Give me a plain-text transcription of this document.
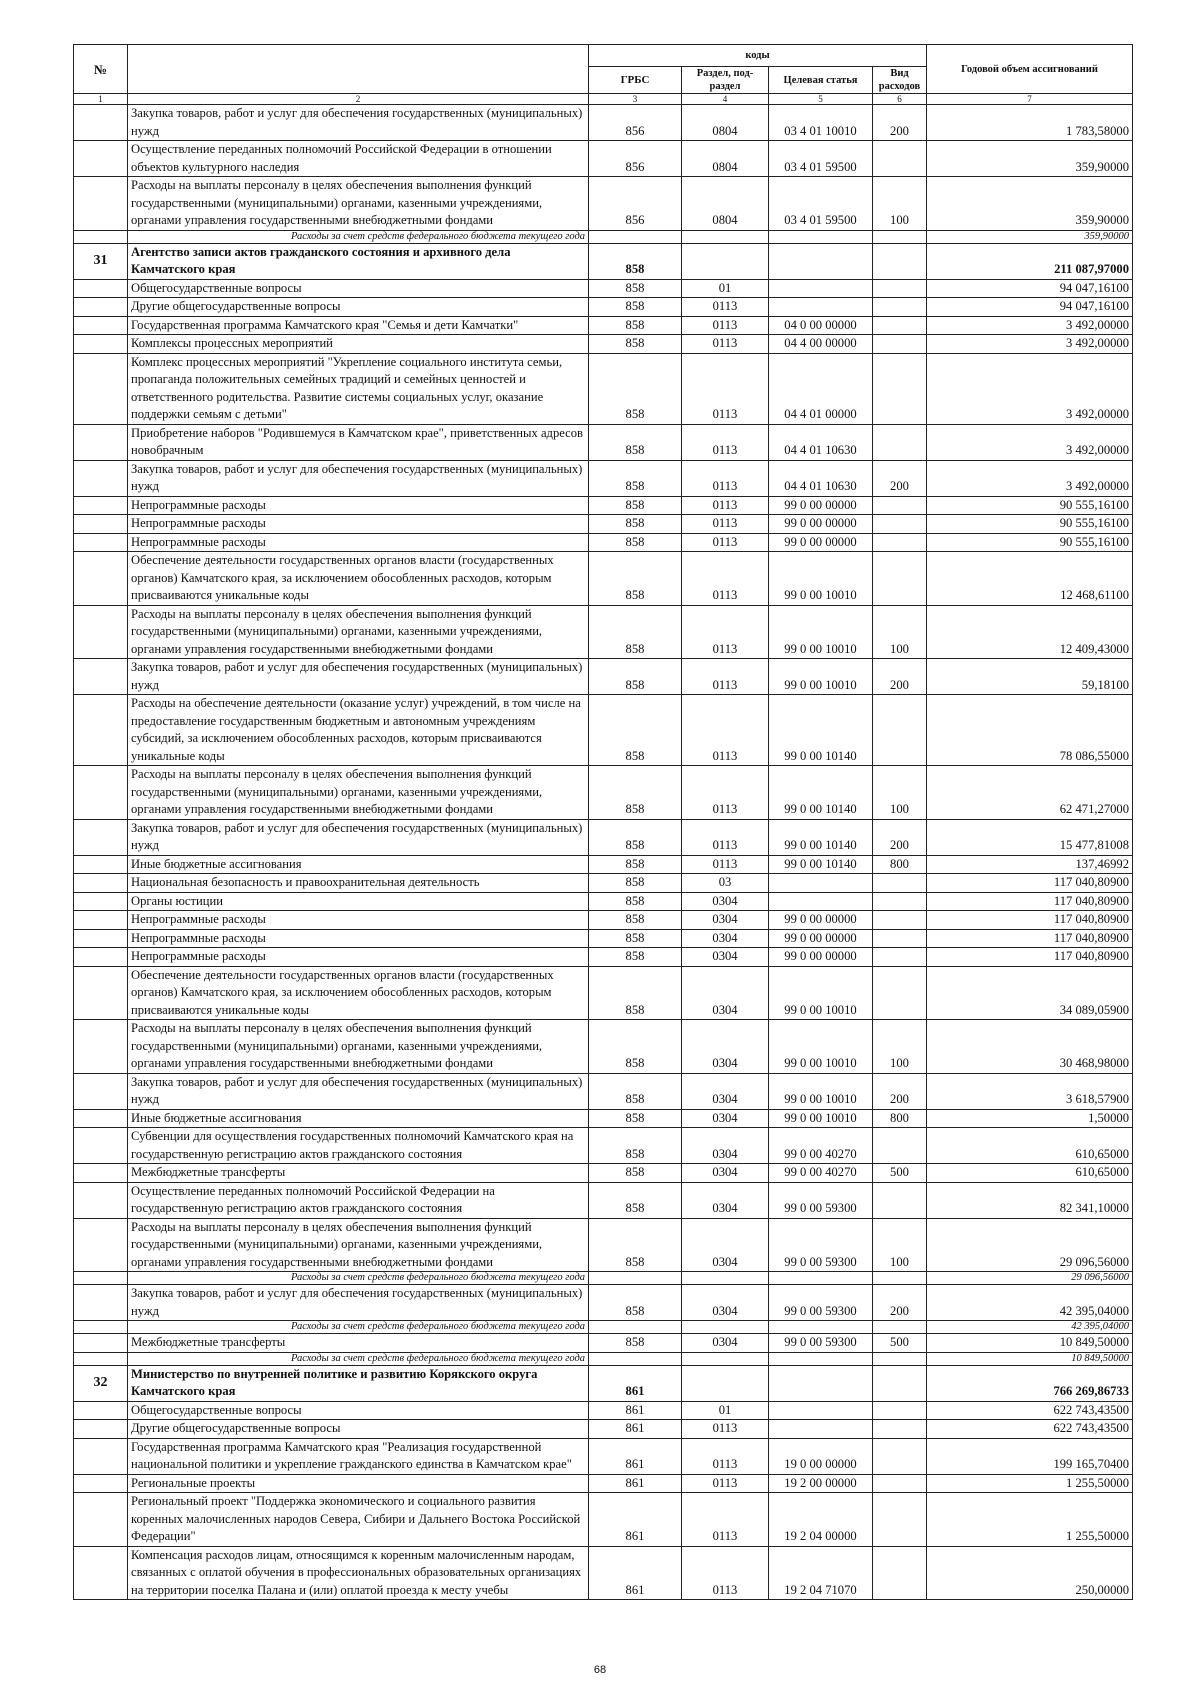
№		коды				Годовой объем ассигнований
		ГРБС	Раздел, под-раздел	Целевая статья	Вид расходов	
1	2	3	4	5	6	7
	Закупка товаров, работ и услуг для обеспечения государственных (муниципальных) нужд	856	0804	03 4 01 10010	200	1 783,58000
	Осуществление переданных полномочий Российской Федерации в отношении объектов культурного наследия	856	0804	03 4 01 59500		359,90000
	Расходы на выплаты персоналу в целях обеспечения выполнения функций государственными (муниципальными) органами, казенными учреждениями, органами управления государственными внебюджетными фондами	856	0804	03 4 01 59500	100	359,90000
	Расходы за счет средств федерального бюджета текущего года					359,90000
31	Агентство записи актов гражданского состояния и архивного дела Камчатского края	858				211 087,97000
	Общегосударственные вопросы	858	01			94 047,16100
	Другие общегосударственные вопросы	858	0113			94 047,16100
	Государственная программа Камчатского края "Семья и дети Камчатки"	858	0113	04 0 00 00000		3 492,00000
	Комплексы процессных мероприятий	858	0113	04 4 00 00000		3 492,00000
	Комплекс процессных мероприятий "Укрепление социального института семьи, пропаганда положительных семейных традиций и семейных ценностей и ответственного родительства. Развитие системы социальных услуг, оказание поддержки семьям с детьми"	858	0113	04 4 01 00000		3 492,00000
	Приобретение наборов "Родившемуся в Камчатском крае", приветственных адресов новобрачным	858	0113	04 4 01 10630		3 492,00000
	Закупка товаров, работ и услуг для обеспечения государственных (муниципальных) нужд	858	0113	04 4 01 10630	200	3 492,00000
	Непрограммные расходы	858	0113	99 0 00 00000		90 555,16100
	Непрограммные расходы	858	0113	99 0 00 00000		90 555,16100
	Непрограммные расходы	858	0113	99 0 00 00000		90 555,16100
	Обеспечение деятельности государственных органов власти (государственных органов) Камчатского края, за исключением обособленных расходов, которым присваиваются уникальные коды	858	0113	99 0 00 10010		12 468,61100
	Расходы на выплаты персоналу в целях обеспечения выполнения функций государственными (муниципальными) органами, казенными учреждениями, органами управления государственными внебюджетными фондами	858	0113	99 0 00 10010	100	12 409,43000
	Закупка товаров, работ и услуг для обеспечения государственных (муниципальных) нужд	858	0113	99 0 00 10010	200	59,18100
	Расходы на обеспечение деятельности (оказание услуг) учреждений, в том числе на предоставление государственным бюджетным и автономным учреждениям субсидий, за исключением обособленных расходов, которым присваиваются уникальные коды	858	0113	99 0 00 10140		78 086,55000
	Расходы на выплаты персоналу в целях обеспечения выполнения функций государственными (муниципальными) органами, казенными учреждениями, органами управления государственными внебюджетными фондами	858	0113	99 0 00 10140	100	62 471,27000
	Закупка товаров, работ и услуг для обеспечения государственных (муниципальных) нужд	858	0113	99 0 00 10140	200	15 477,81008
	Иные бюджетные ассигнования	858	0113	99 0 00 10140	800	137,46992
	Национальная безопасность и правоохранительная деятельность	858	03			117 040,80900
	Органы юстиции	858	0304			117 040,80900
	Непрограммные расходы	858	0304	99 0 00 00000		117 040,80900
	Непрограммные расходы	858	0304	99 0 00 00000		117 040,80900
	Непрограммные расходы	858	0304	99 0 00 00000		117 040,80900
	Обеспечение деятельности государственных органов власти (государственных органов) Камчатского края, за исключением обособленных расходов, которым присваиваются уникальные коды	858	0304	99 0 00 10010		34 089,05900
	Расходы на выплаты персоналу в целях обеспечения выполнения функций государственными (муниципальными) органами, казенными учреждениями, органами управления государственными внебюджетными фондами	858	0304	99 0 00 10010	100	30 468,98000
	Закупка товаров, работ и услуг для обеспечения государственных (муниципальных) нужд	858	0304	99 0 00 10010	200	3 618,57900
	Иные бюджетные ассигнования	858	0304	99 0 00 10010	800	1,50000
	Субвенции для осуществления государственных полномочий Камчатского края на государственную регистрацию актов гражданского состояния	858	0304	99 0 00 40270		610,65000
	Межбюджетные трансферты	858	0304	99 0 00 40270	500	610,65000
	Осуществление переданных полномочий Российской Федерации на государственную регистрацию актов гражданского состояния	858	0304	99 0 00 59300		82 341,10000
	Расходы на выплаты персоналу в целях обеспечения выполнения функций государственными (муниципальными) органами, казенными учреждениями, органами управления государственными внебюджетными фондами	858	0304	99 0 00 59300	100	29 096,56000
	Расходы за счет средств федерального бюджета текущего года					29 096,56000
	Закупка товаров, работ и услуг для обеспечения государственных (муниципальных) нужд	858	0304	99 0 00 59300	200	42 395,04000
	Расходы за счет средств федерального бюджета текущего года					42 395,04000
	Межбюджетные трансферты	858	0304	99 0 00 59300	500	10 849,50000
	Расходы за счет средств федерального бюджета текущего года					10 849,50000
32	Министерство по внутренней политике и развитию Корякского округа Камчатского края	861				766 269,86733
	Общегосударственные вопросы	861	01			622 743,43500
	Другие общегосударственные вопросы	861	0113			622 743,43500
	Государственная программа Камчатского края "Реализация государственной национальной политики и укрепление гражданского единства в Камчатском крае"	861	0113	19 0 00 00000		199 165,70400
	Региональные проекты	861	0113	19 2 00 00000		1 255,50000
	Региональный проект "Поддержка экономического и социального развития коренных малочисленных народов Севера, Сибири и Дальнего Востока Российской Федерации"	861	0113	19 2 04 00000		1 255,50000
	Компенсация расходов лицам, относящимся к коренным малочисленным народам, связанных с оплатой обучения в профессиональных образовательных организациях на территории поселка Палана и (или) оплатой проезда к месту учебы	861	0113	19 2 04 71070		250,00000
68
